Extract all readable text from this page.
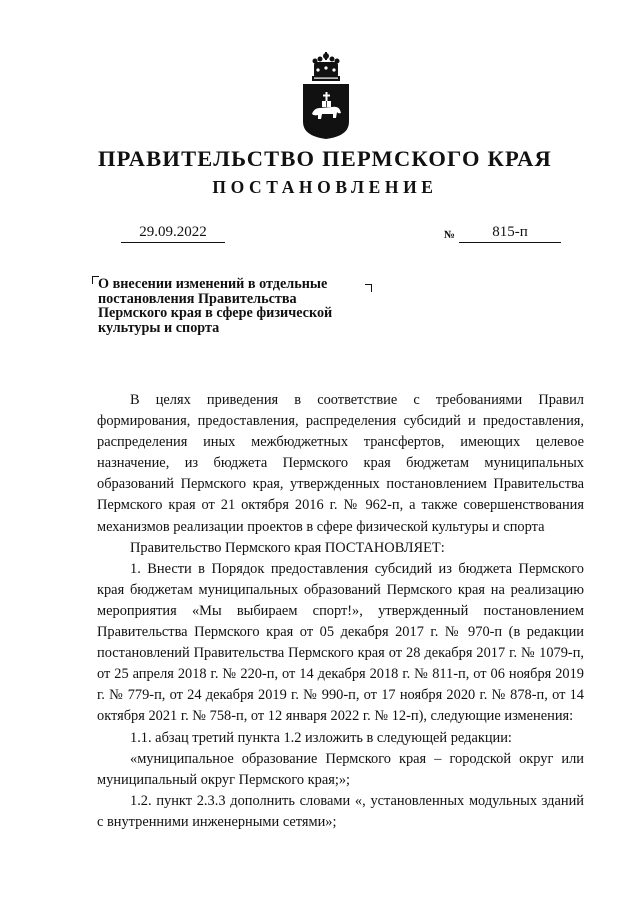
ПРАВИТЕЛЬСТВО ПЕРМСКОГО КРАЯ
ПОСТАНОВЛЕНИЕ
29.09.2022	№	815-п
О внесении изменений в отдельные
постановления Правительства
Пермского края в сфере физической
культуры и спорта

В целях приведения в соответствие с требованиями Правил формирования, предоставления, распределения субсидий и предоставления, распределения иных межбюджетных трансфертов, имеющих целевое назначение, из бюджета Пермского края бюджетам муниципальных образований Пермского края, утвержденных постановлением Правительства Пермского края от 21 октября 2016 г. № 962-п, а также совершенствования механизмов реализации проектов в сфере физической культуры и спорта

Правительство Пермского края ПОСТАНОВЛЯЕТ:

1. Внести в Порядок предоставления субсидий из бюджета Пермского края бюджетам муниципальных образований Пермского края на реализацию мероприятия «Мы выбираем спорт!», утвержденный постановлением Правительства Пермского края от 05 декабря 2017 г. № 970-п (в редакции постановлений Правительства Пермского края от 28 декабря 2017 г. № 1079-п, от 25 апреля 2018 г. № 220-п, от 14 декабря 2018 г. № 811-п, от 06 ноября 2019 г. № 779-п, от 24 декабря 2019 г. № 990-п, от 17 ноября 2020 г. № 878-п, от 14 октября 2021 г. № 758-п, от 12 января 2022 г. № 12-п), следующие изменения:

1.1. абзац третий пункта 1.2 изложить в следующей редакции:

«муниципальное образование Пермского края – городской округ или муниципальный округ Пермского края;»;

1.2. пункт 2.3.3 дополнить словами «, установленных модульных зданий с внутренними инженерными сетями»;
